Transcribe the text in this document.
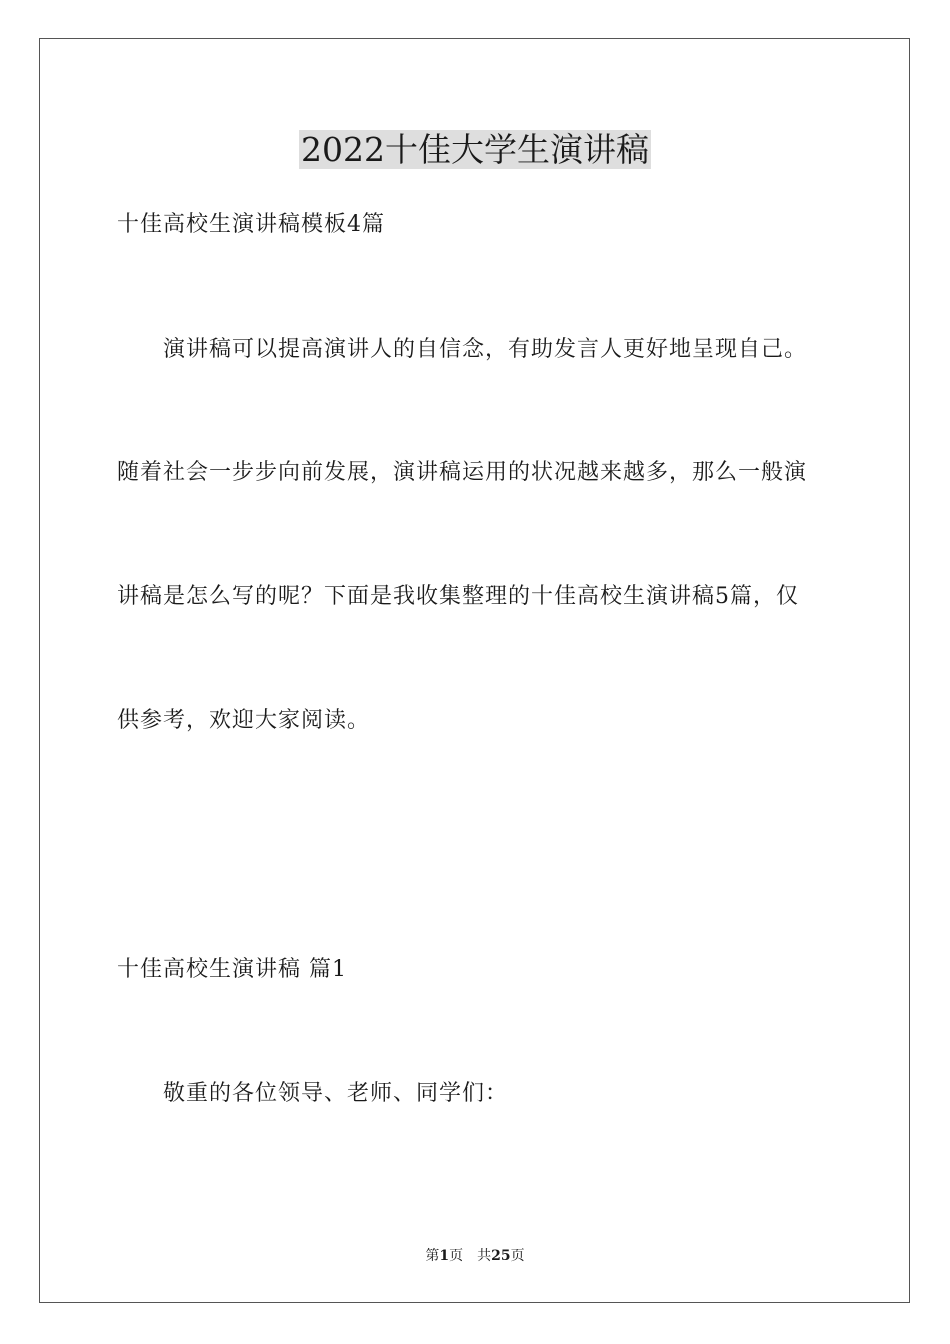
2022十佳大学生演讲稿
十佳高校生演讲稿模板4篇
演讲稿可以提高演讲人的自信念，有助发言人更好地呈现自己。
随着社会一步步向前发展，演讲稿运用的状况越来越多，那么一般演
讲稿是怎么写的呢？下面是我收集整理的十佳高校生演讲稿5篇，仅
供参考，欢迎大家阅读。
十佳高校生演讲稿 篇1
敬重的各位领导、老师、同学们：
第1页 共25页
